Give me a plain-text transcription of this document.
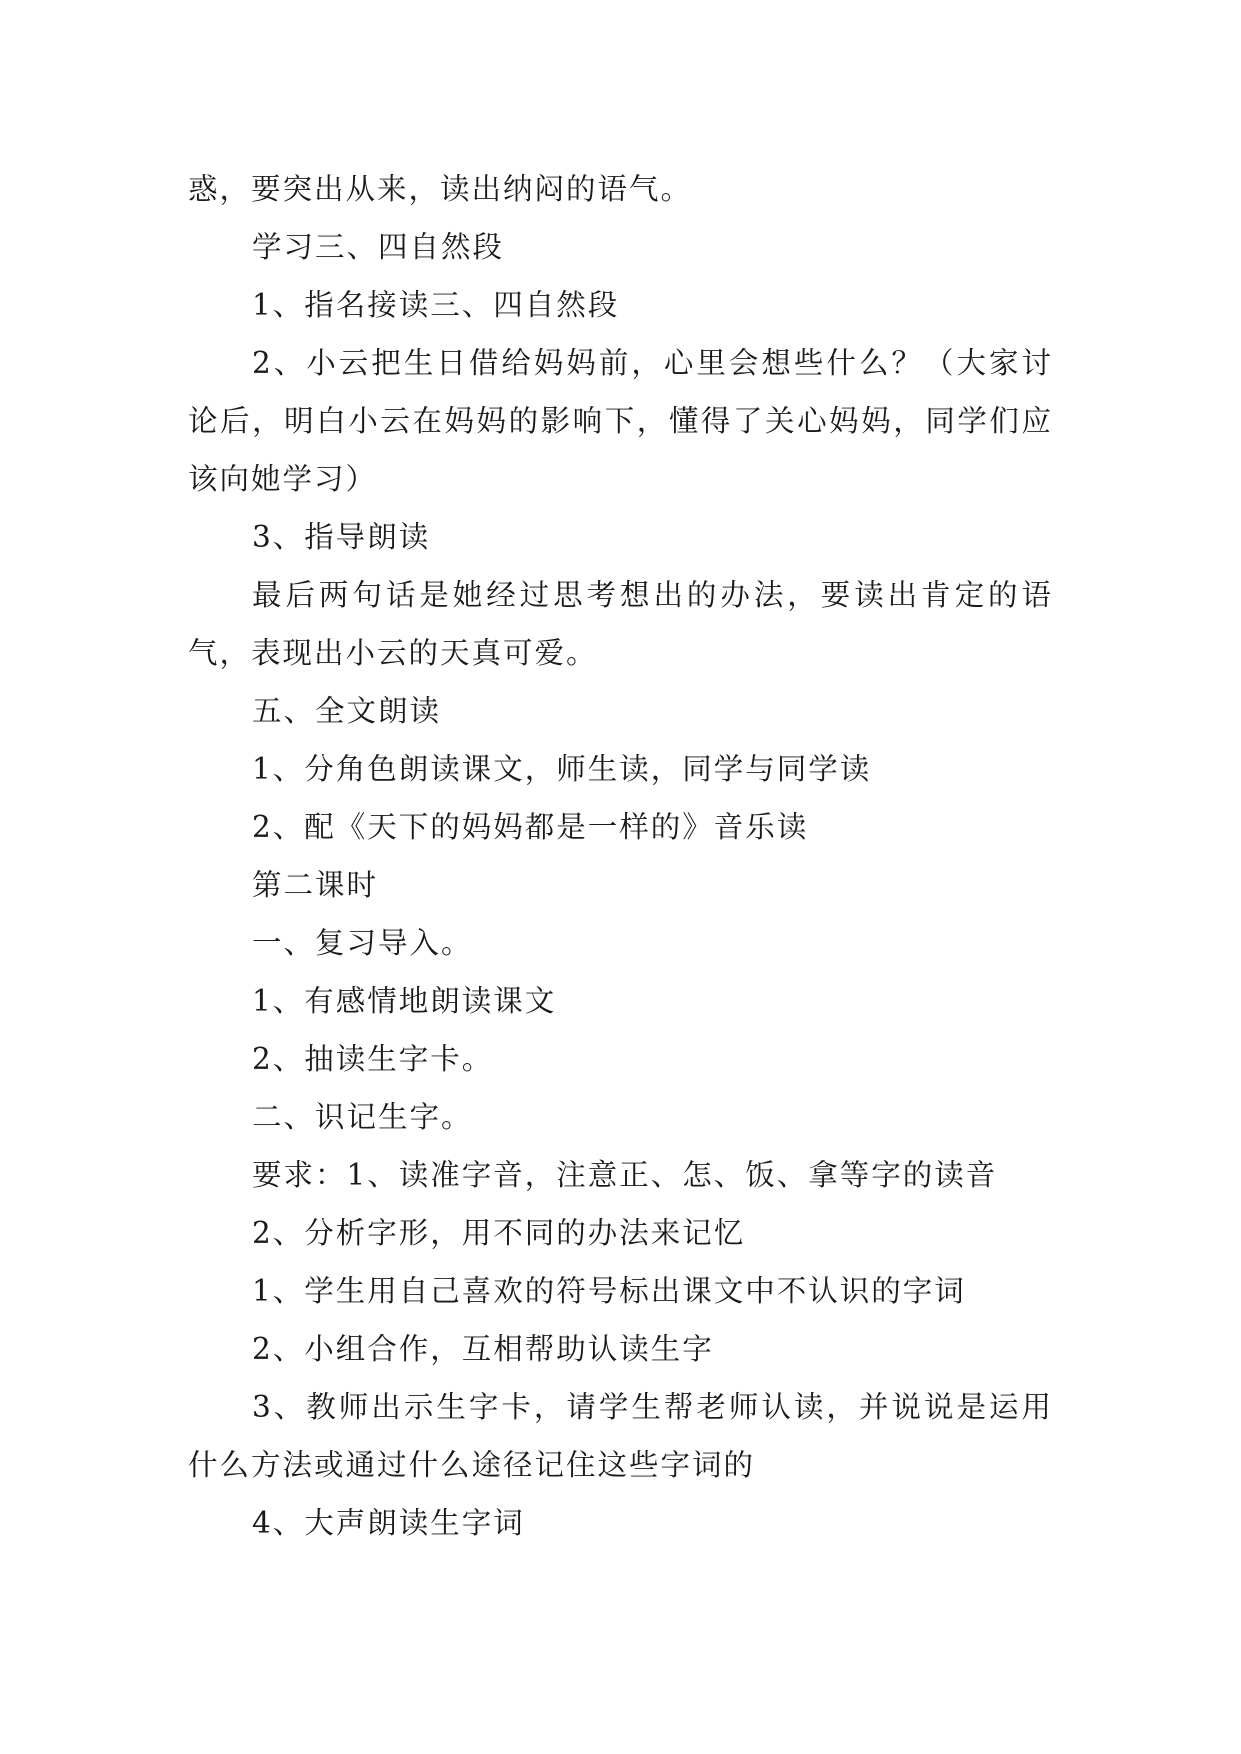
惑，要突出从来，读出纳闷的语气。

学习三、四自然段

1、指名接读三、四自然段

2、小云把生日借给妈妈前，心里会想些什么？（大家讨论后，明白小云在妈妈的影响下，懂得了关心妈妈，同学们应该向她学习）

3、指导朗读

最后两句话是她经过思考想出的办法，要读出肯定的语气，表现出小云的天真可爱。

五、全文朗读

1、分角色朗读课文，师生读，同学与同学读

2、配《天下的妈妈都是一样的》音乐读

第二课时

一、复习导入。

1、有感情地朗读课文

2、抽读生字卡。

二、识记生字。

要求：1、读准字音，注意正、怎、饭、拿等字的读音

2、分析字形，用不同的办法来记忆

1、学生用自己喜欢的符号标出课文中不认识的字词

2、小组合作，互相帮助认读生字

3、教师出示生字卡，请学生帮老师认读，并说说是运用什么方法或通过什么途径记住这些字词的

4、大声朗读生字词
